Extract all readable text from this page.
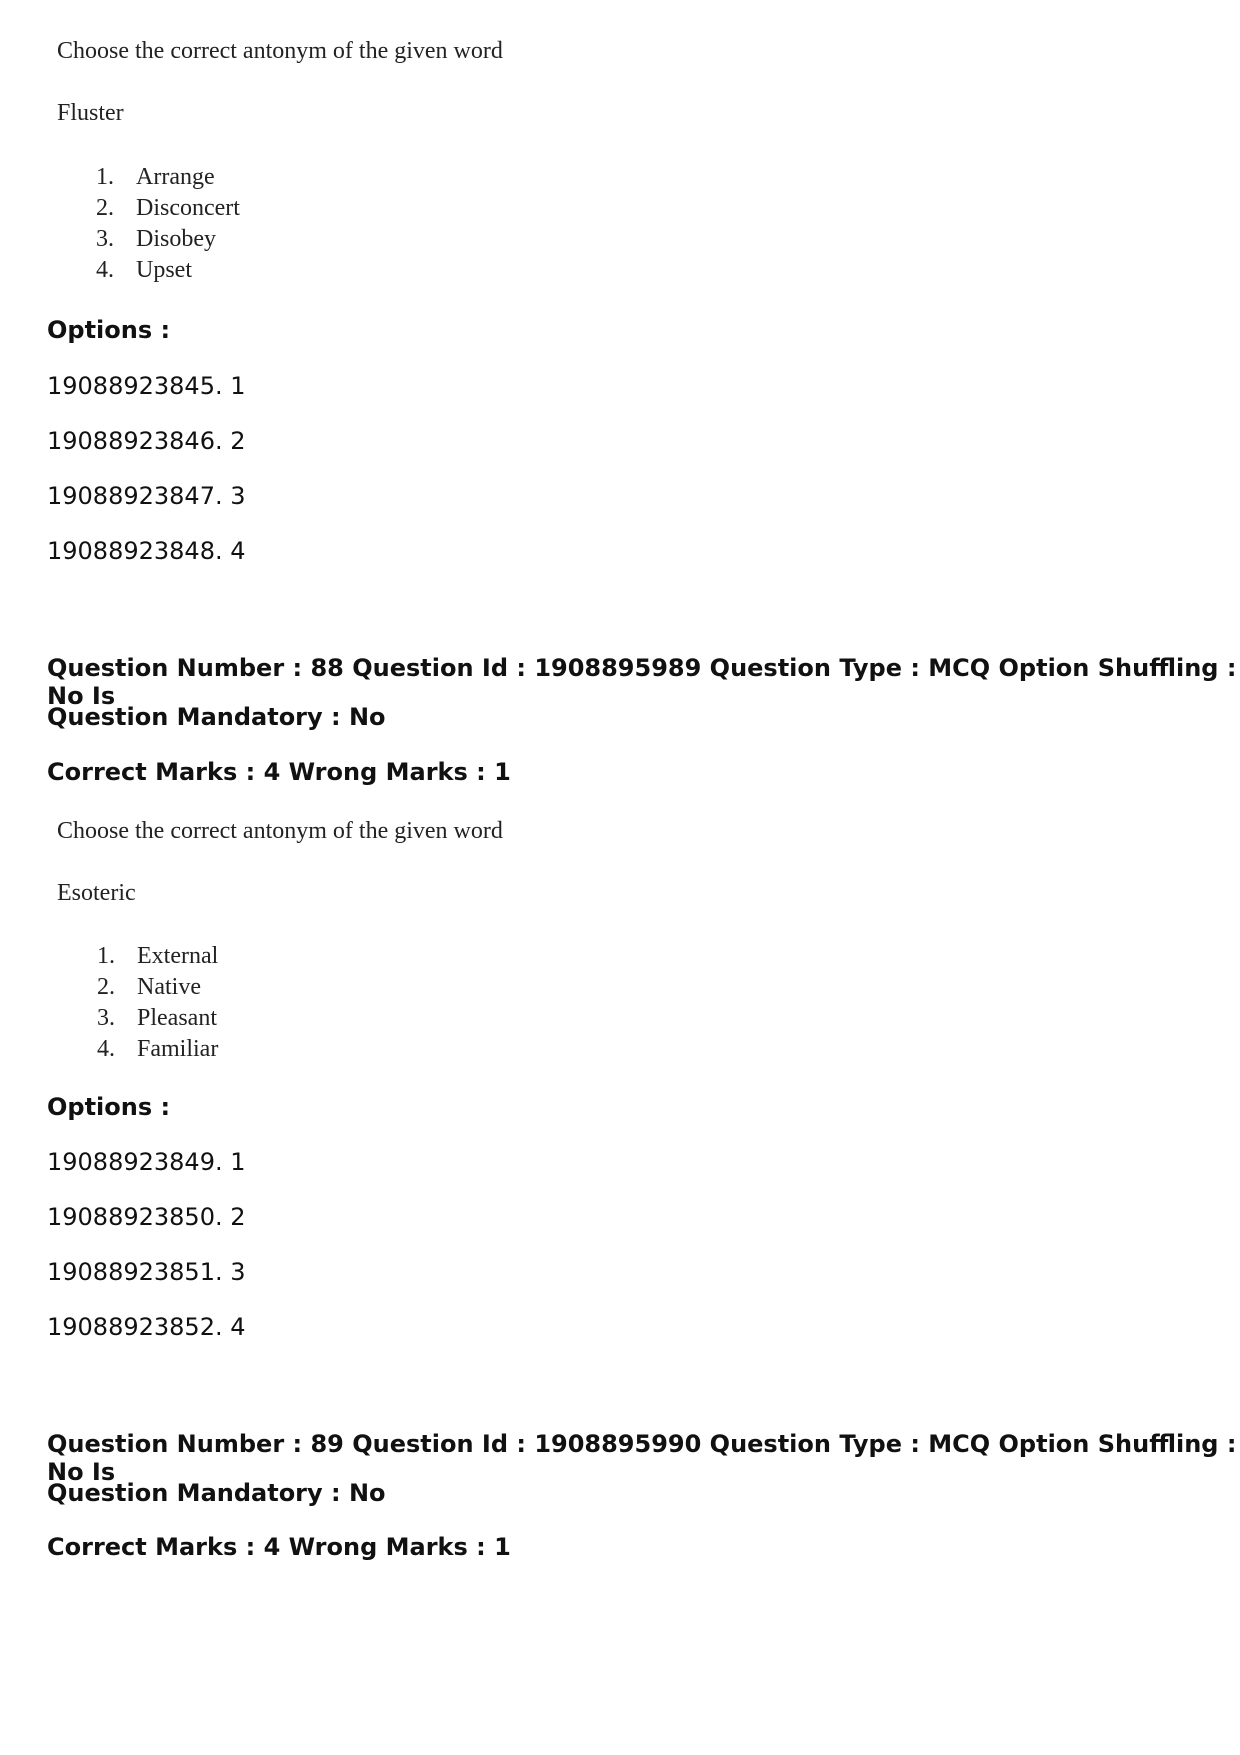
Choose the correct antonym of the given word
Fluster
1. Arrange
2. Disconcert
3. Disobey
4. Upset
Options :
19088923845. 1
19088923846. 2
19088923847. 3
19088923848. 4
Question Number : 88 Question Id : 1908895989 Question Type : MCQ Option Shuffling : No Is
Question Mandatory : No
Correct Marks : 4 Wrong Marks : 1
Choose the correct antonym of the given word
Esoteric
1. External
2. Native
3. Pleasant
4. Familiar
Options :
19088923849. 1
19088923850. 2
19088923851. 3
19088923852. 4
Question Number : 89 Question Id : 1908895990 Question Type : MCQ Option Shuffling : No Is
Question Mandatory : No
Correct Marks : 4 Wrong Marks : 1
